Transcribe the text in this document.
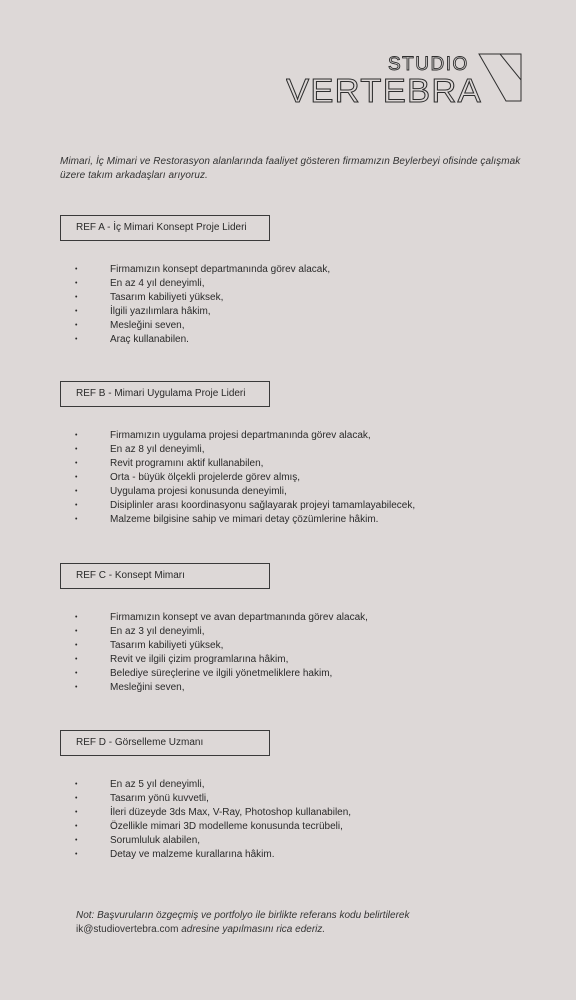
STUDIO
VERTEBRA
Mimari, İç Mimari ve Restorasyon alanlarında faaliyet gösteren firmamızın Beylerbeyi ofisinde çalışmak üzere takım arkadaşları arıyoruz.
REF A - İç Mimari Konsept Proje Lideri
•	Firmamızın konsept departmanında görev alacak,
•	En az 4 yıl deneyimli,
•	Tasarım kabiliyeti yüksek,
•	İlgili yazılımlara hâkim,
•	Mesleğini seven,
•	Araç kullanabilen.
REF B - Mimari Uygulama Proje Lideri
•	Firmamızın uygulama projesi departmanında görev alacak,
•	En az 8 yıl deneyimli,
•	Revit programını aktif kullanabilen,
•	Orta - büyük ölçekli projelerde görev almış,
•	Uygulama projesi konusunda deneyimli,
•	Disiplinler arası koordinasyonu sağlayarak projeyi tamamlayabilecek,
•	Malzeme bilgisine sahip ve mimari detay çözümlerine hâkim.
REF C - Konsept Mimarı
•	Firmamızın konsept ve avan departmanında görev alacak,
•	En az 3 yıl deneyimli,
•	Tasarım kabiliyeti yüksek,
•	Revit ve ilgili çizim programlarına hâkim,
•	Belediye süreçlerine ve ilgili yönetmeliklere hakim,
•	Mesleğini seven,
REF D - Görselleme Uzmanı
•	En az 5 yıl deneyimli,
•	Tasarım yönü kuvvetli,
•	İleri düzeyde 3ds Max, V-Ray, Photoshop kullanabilen,
•	Özellikle mimari 3D modelleme konusunda tecrübeli,
•	Sorumluluk alabilen,
•	Detay ve malzeme kurallarına hâkim.
Not: Başvuruların özgeçmiş ve portfolyo ile birlikte referans kodu belirtilerek
ik@studiovertebra.com adresine yapılmasını rica ederiz.
